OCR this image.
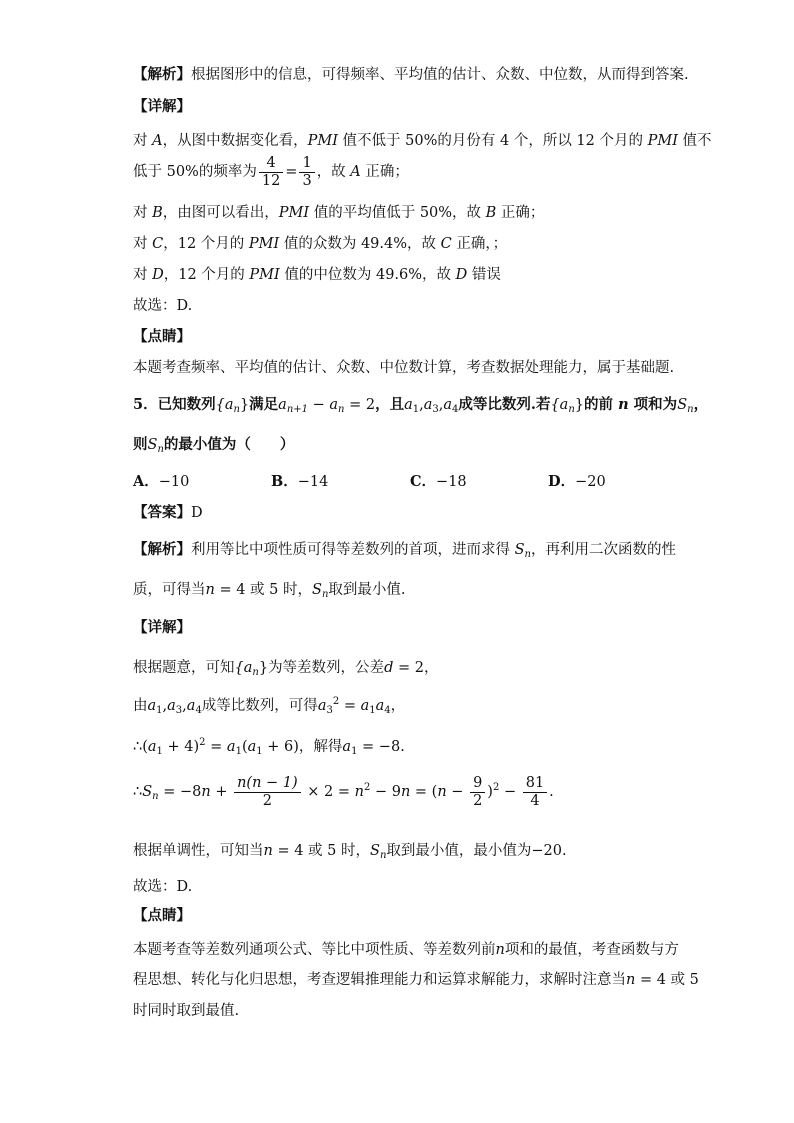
【解析】根据图形中的信息，可得频率、平均值的估计、众数、中位数，从而得到答案.
【详解】
对 A，从图中数据变化看，PMI 值不低于 50%的月份有 4 个，所以 12 个月的 PMI 值不
低于 50%的频率为 $\frac{4}{12} = \frac{1}{3}$ ，故 A 正确；
对 B，由图可以看出，PMI 值的平均值低于 50%，故 B 正确；
对 C，12 个月的 PMI 值的众数为 49.4%，故 C 正确，；
对 D，12 个月的 PMI 值的中位数为 49.6%，故 D 错误
故选：D.
【点睛】
本题考查频率、平均值的估计、众数、中位数计算，考查数据处理能力，属于基础题.
5．已知数列$\{a_n\}$满足$a_{n+1} - a_n = 2$，且$a_1,a_3,a_4$成等比数列.若$\{a_n\}$的前 n 项和为$S_n$，
则$S_n$的最小值为（　　）
A．−10	B．−14	C．−18	D．−20
【答案】D
【解析】利用等比中项性质可得等差数列的首项，进而求得 $S_n$，再利用二次函数的性
质，可得当n = 4 或 5 时，$S_n$取到最小值.
【详解】
根据题意，可知$\{a_n\}$为等差数列，公差d = 2，
由$a_1,a_3,a_4$成等比数列，可得$a_3^2 = a_1a_4$，
$\therefore(a_1 + 4)^2 = a_1(a_1 + 6)$，解得$a_1 = -8$.
$\therefore S_n = -8n + \frac{n(n - 1)}{2} \times 2 = n^2 - 9n = (n - \frac{9}{2} )^2 - \frac{81}{4}$ .
根据单调性，可知当n = 4 或 5 时，$S_n$取到最小值，最小值为−20.
故选：D.
【点睛】
本题考查等差数列通项公式、等比中项性质、等差数列前n项和的最值，考查函数与方
程思想、转化与化归思想，考查逻辑推理能力和运算求解能力，求解时注意当n = 4 或 5
时同时取到最值.
